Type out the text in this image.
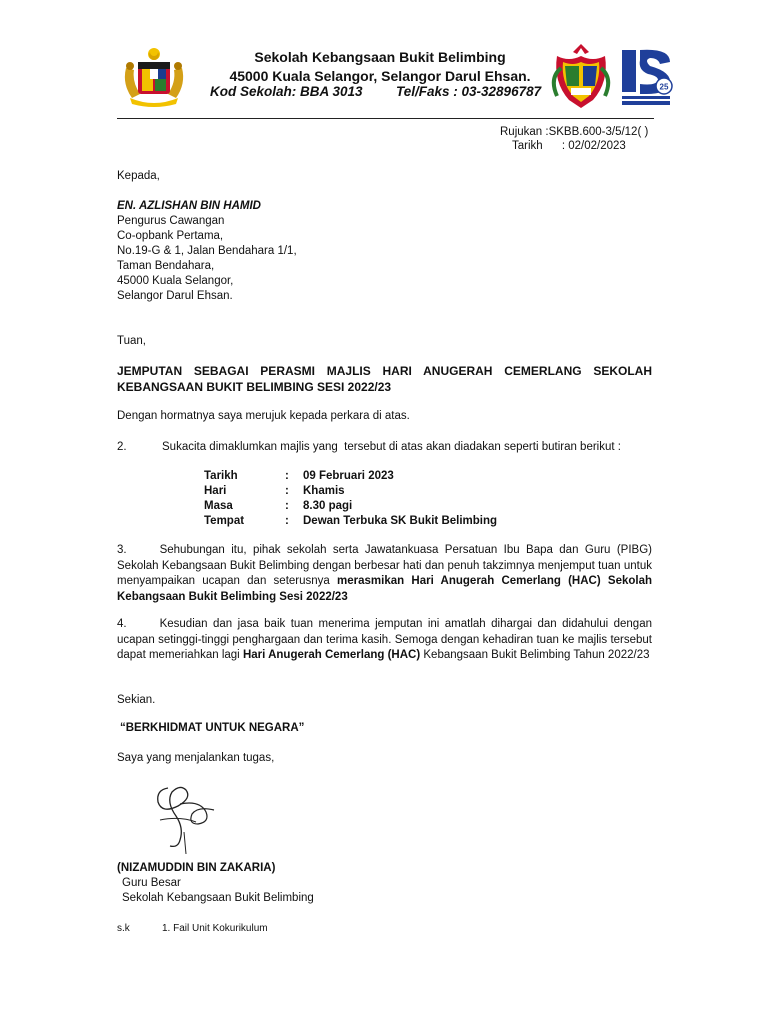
Sekolah Kebangsaan Bukit Belimbing
45000 Kuala Selangor, Selangor Darul Ehsan.
Kod Sekolah: BBA 3013 Tel/Faks : 03-32896787	25
Rujukan :SKBB.600-3/5/12( )
Tarikh      : 02/02/2023
Kepada,
EN. AZLISHAN BIN HAMID
Pengurus Cawangan
Co-opbank Pertama,
No.19-G & 1, Jalan Bendahara 1/1,
Taman Bendahara,
45000 Kuala Selangor,
Selangor Darul Ehsan.
Tuan,
JEMPUTAN SEBAGAI PERASMI MAJLIS HARI ANUGERAH CEMERLANG SEKOLAH KEBANGSAAN BUKIT BELIMBING SESI 2022/23
Dengan hormatnya saya merujuk kepada perkara di atas.
2.	Sukacita dimaklumkan majlis yang  tersebut di atas akan diadakan seperti butiran berikut :
Tarikh	: 09 Februari 2023
Hari	: Khamis
Masa	: 8.30 pagi
Tempat	: Dewan Terbuka SK Bukit Belimbing
3.	Sehubungan itu, pihak sekolah serta Jawatankuasa Persatuan Ibu Bapa dan Guru (PIBG) Sekolah Kebangsaan Bukit Belimbing dengan berbesar hati dan penuh takzimnya menjemput tuan untuk menyampaikan ucapan dan seterusnya merasmikan Hari Anugerah Cemerlang (HAC) Sekolah Kebangsaan Bukit Belimbing Sesi 2022/23
4.	Kesudian dan jasa baik tuan menerima jemputan ini amatlah dihargai dan didahului dengan ucapan setinggi-tinggi penghargaan dan terima kasih. Semoga dengan kehadiran tuan ke majlis tersebut dapat memeriahkan lagi Hari Anugerah Cemerlang (HAC) Kebangsaan Bukit Belimbing Tahun 2022/23
Sekian.
“BERKHIDMAT UNTUK NEGARA”
Saya yang menjalankan tugas,
(NIZAMUDDIN BIN ZAKARIA)
Guru Besar
Sekolah Kebangsaan Bukit Belimbing
s.k	1. Fail Unit Kokurikulum
